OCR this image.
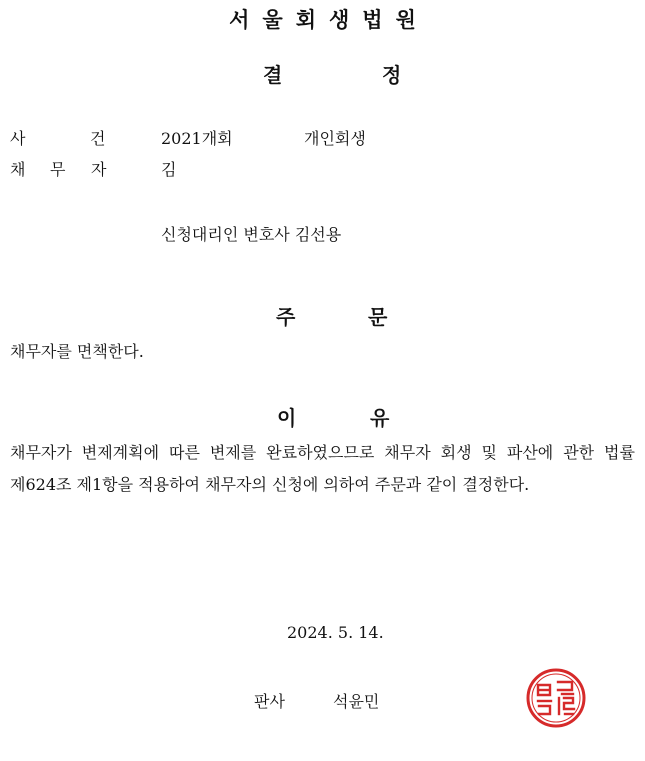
서울회생법원
결	정
사	건	2021개회	개인회생
채 무 자	김
신청대리인 변호사 김선용
주	문
채무자를 면책한다.
이	유
채무자가 변제계획에 따른 변제를 완료하였으므로 채무자 회생 및 파산에 관한 법률
제624조 제1항을 적용하여 채무자의 신청에 의하여 주문과 같이 결정한다.
2024. 5. 14.
판사	석윤민
